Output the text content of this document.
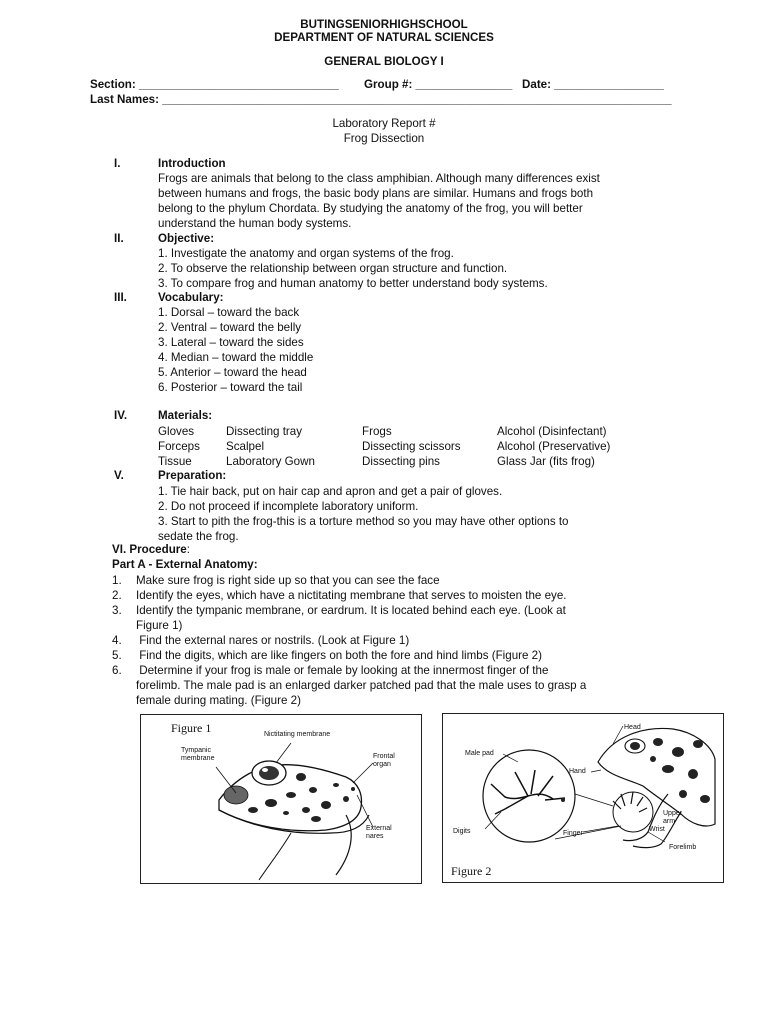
BUTINGSENIORHIGHSCHOOL
DEPARTMENT OF NATURAL SCIENCES
GENERAL BIOLOGY I
Section: _______________________________ Group #: _______________ Date: _________________
Last Names: _______________________________________________________________________________
Laboratory Report #
Frog Dissection
I.	Introduction
Frogs are animals that belong to the class amphibian. Although many differences exist
between humans and frogs, the basic body plans are similar. Humans and frogs both
belong to the phylum Chordata. By studying the anatomy of the frog, you will better
understand the human body systems.
II.	Objective:
1. Investigate the anatomy and organ systems of the frog.
2. To observe the relationship between organ structure and function.
3. To compare frog and human anatomy to better understand body systems.
III.	Vocabulary:
1. Dorsal – toward the back
2. Ventral – toward the belly
3. Lateral – toward the sides
4. Median – toward the middle
5. Anterior – toward the head
6. Posterior – toward the tail
IV.	Materials:
Gloves	Dissecting tray	Frogs	Alcohol (Disinfectant)
Forceps Scalpel	Dissecting scissors	Alcohol (Preservative)
Tissue	Laboratory Gown	Dissecting pins	Glass Jar (fits frog)
V.	Preparation:
1. Tie hair back, put on hair cap and apron and get a pair of gloves.
2. Do not proceed if incomplete laboratory uniform.
3. Start to pith the frog-this is a torture method so you may have other options to
sedate the frog.
VI. Procedure:
Part A - External Anatomy:
1. Make sure frog is right side up so that you can see the face
2. Identify the eyes, which have a nictitating membrane that serves to moisten the eye.
3. Identify the tympanic membrane, or eardrum. It is located behind each eye. (Look at
Figure 1)
4. Find the external nares or nostrils. (Look at Figure 1)
5. Find the digits, which are like fingers on both the fore and hind limbs (Figure 2)
6. Determine if your frog is male or female by looking at the innermost finger of the
forelimb. The male pad is an enlarged darker patched pad that the male uses to grasp a
female during mating. (Figure 2)
Figure 1
Tympanic
membrane
Nictitating membrane
Frontal
organ
External
nares
Head
Male pad
Hand
Digits	Finger
Upper
arm
Wrist
Forelimb
Figure 2
